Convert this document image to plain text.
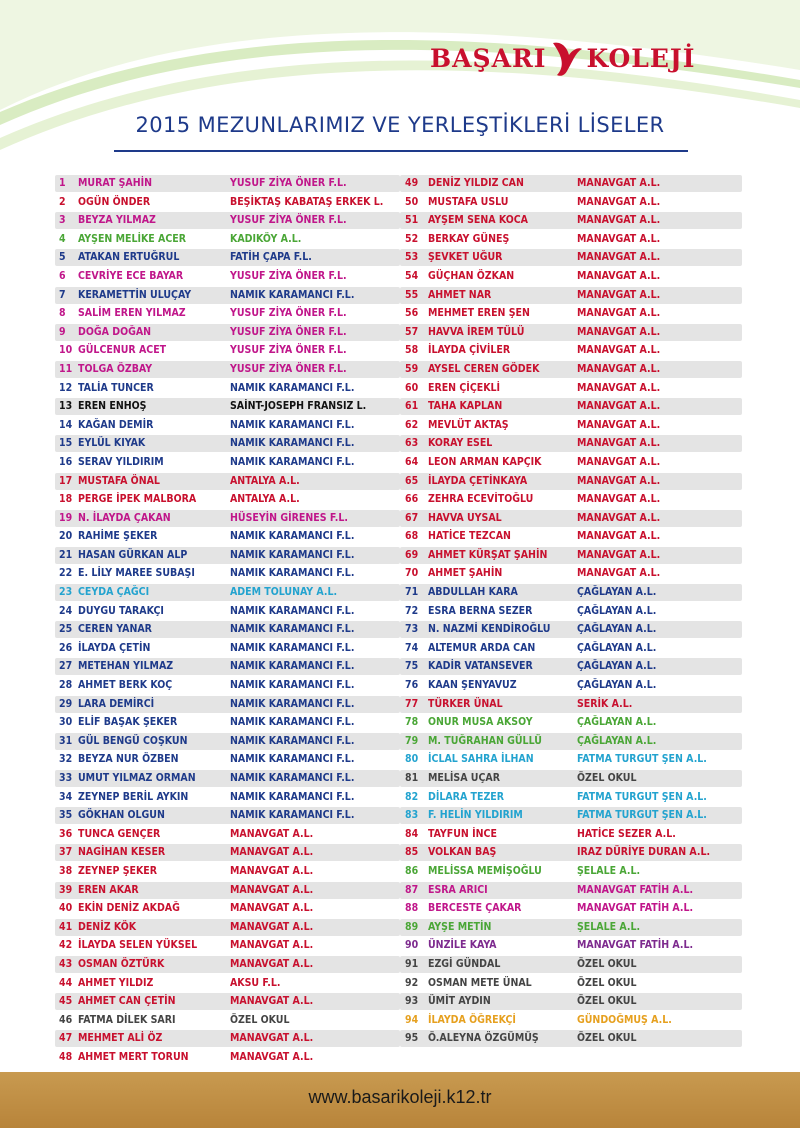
BAŞARI KOLEJİ
2015 MEZUNLARIMIZ VE YERLEŞTİKLERİ LİSELER
1 MURAT ŞAHİN	YUSUF ZİYA ÖNER F.L.
2 OGÜN ÖNDER	BEŞİKTAŞ KABATAŞ ERKEK L.
3 BEYZA YILMAZ	YUSUF ZİYA ÖNER F.L.
4 AYŞEN MELİKE ACER	KADIKÖY A.L.
5 ATAKAN ERTUĞRUL	FATİH ÇAPA F.L.
6 CEVRİYE ECE BAYAR	YUSUF ZİYA ÖNER F.L.
7 KERAMETTİN ULUÇAY	NAMIK KARAMANCI F.L.
8 SALİM EREN YILMAZ	YUSUF ZİYA ÖNER F.L.
9 DOĞA DOĞAN	YUSUF ZİYA ÖNER F.L.
10 GÜLCENUR ACET	YUSUF ZİYA ÖNER F.L.
11 TOLGA ÖZBAY	YUSUF ZİYA ÖNER F.L.
12 TALİA TUNCER	NAMIK KARAMANCI F.L.
13 EREN ENHOŞ	SAİNT-JOSEPH FRANSIZ L.
14 KAĞAN DEMİR	NAMIK KARAMANCI F.L.
15 EYLÜL KIYAK	NAMIK KARAMANCI F.L.
16 SERAV YILDIRIM	NAMIK KARAMANCI F.L.
17 MUSTAFA ÖNAL	ANTALYA A.L.
18 PERGE İPEK MALBORA	ANTALYA A.L.
19 N. İLAYDA ÇAKAN	HÜSEYİN GİRENES F.L.
20 RAHİME ŞEKER	NAMIK KARAMANCI F.L.
21 HASAN GÜRKAN ALP	NAMIK KARAMANCI F.L.
22 E. LİLY MAREE SUBAŞI	NAMIK KARAMANCI F.L.
23 CEYDA ÇAĞCI	ADEM TOLUNAY A.L.
24 DUYGU TARAKÇI	NAMIK KARAMANCI F.L.
25 CEREN YANAR	NAMIK KARAMANCI F.L.
26 İLAYDA ÇETİN	NAMIK KARAMANCI F.L.
27 METEHAN YILMAZ	NAMIK KARAMANCI F.L.
28 AHMET BERK KOÇ	NAMIK KARAMANCI F.L.
29 LARA DEMİRCİ	NAMIK KARAMANCI F.L.
30 ELİF BAŞAK ŞEKER	NAMIK KARAMANCI F.L.
31 GÜL BENGÜ COŞKUN	NAMIK KARAMANCI F.L.
32 BEYZA NUR ÖZBEN	NAMIK KARAMANCI F.L.
33 UMUT YILMAZ ORMAN	NAMIK KARAMANCI F.L.
34 ZEYNEP BERİL AYKIN	NAMIK KARAMANCI F.L.
35 GÖKHAN OLGUN	NAMIK KARAMANCI F.L.
36 TUNCA GENÇER	MANAVGAT A.L.
37 NAGİHAN KESER	MANAVGAT A.L.
38 ZEYNEP ŞEKER	MANAVGAT A.L.
39 EREN AKAR	MANAVGAT A.L.
40 EKİN DENİZ AKDAĞ	MANAVGAT A.L.
41 DENİZ KÖK	MANAVGAT A.L.
42 İLAYDA SELEN YÜKSEL	MANAVGAT A.L.
43 OSMAN ÖZTÜRK	MANAVGAT A.L.
44 AHMET YILDIZ	AKSU F.L.
45 AHMET CAN ÇETİN	MANAVGAT A.L.
46 FATMA DİLEK SARI	ÖZEL OKUL
47 MEHMET ALİ ÖZ	MANAVGAT A.L.
48 AHMET MERT TORUN	MANAVGAT A.L.
49 DENİZ YILDIZ CAN	MANAVGAT A.L.
50 MUSTAFA USLU	MANAVGAT A.L.
51 AYŞEM SENA KOCA	MANAVGAT A.L.
52 BERKAY GÜNEŞ	MANAVGAT A.L.
53 ŞEVKET UĞUR	MANAVGAT A.L.
54 GÜÇHAN ÖZKAN	MANAVGAT A.L.
55 AHMET NAR	MANAVGAT A.L.
56 MEHMET EREN ŞEN	MANAVGAT A.L.
57 HAVVA İREM TÜLÜ	MANAVGAT A.L.
58 İLAYDA ÇİVİLER	MANAVGAT A.L.
59 AYSEL CEREN GÖDEK	MANAVGAT A.L.
60 EREN ÇİÇEKLİ	MANAVGAT A.L.
61 TAHA KAPLAN	MANAVGAT A.L.
62 MEVLÜT AKTAŞ	MANAVGAT A.L.
63 KORAY ESEL	MANAVGAT A.L.
64 LEON ARMAN KAPÇIK	MANAVGAT A.L.
65 İLAYDA ÇETİNKAYA	MANAVGAT A.L.
66 ZEHRA ECEVİTOĞLU	MANAVGAT A.L.
67 HAVVA UYSAL	MANAVGAT A.L.
68 HATİCE TEZCAN	MANAVGAT A.L.
69 AHMET KÜRŞAT ŞAHİN	MANAVGAT A.L.
70 AHMET ŞAHİN	MANAVGAT A.L.
71 ABDULLAH KARA	ÇAĞLAYAN A.L.
72 ESRA BERNA SEZER	ÇAĞLAYAN A.L.
73 N. NAZMİ KENDİROĞLU	ÇAĞLAYAN A.L.
74 ALTEMUR ARDA CAN	ÇAĞLAYAN A.L.
75 KADİR VATANSEVER	ÇAĞLAYAN A.L.
76 KAAN ŞENYAVUZ	ÇAĞLAYAN A.L.
77 TÜRKER ÜNAL	SERİK A.L.
78 ONUR MUSA AKSOY	ÇAĞLAYAN A.L.
79 M. TUĞRAHAN GÜLLÜ	ÇAĞLAYAN A.L.
80 İCLAL SAHRA İLHAN	FATMA TURGUT ŞEN A.L.
81 MELİSA UÇAR	ÖZEL OKUL
82 DİLARA TEZER	FATMA TURGUT ŞEN A.L.
83 F. HELİN YILDIRIM	FATMA TURGUT ŞEN A.L.
84 TAYFUN İNCE	HATİCE SEZER A.L.
85 VOLKAN BAŞ	IRAZ DÜRİYE DURAN A.L.
86 MELİSSA MEMİŞOĞLU	ŞELALE A.L.
87 ESRA ARICI	MANAVGAT FATİH A.L.
88 BERCESTE ÇAKAR	MANAVGAT FATİH A.L.
89 AYŞE METİN	ŞELALE A.L.
90 ÜNZİLE KAYA	MANAVGAT FATİH A.L.
91 EZGİ GÜNDAL	ÖZEL OKUL
92 OSMAN METE ÜNAL	ÖZEL OKUL
93 ÜMİT AYDIN	ÖZEL OKUL
94 İLAYDA ÖĞREKÇİ	GÜNDOĞMUŞ A.L.
95 Ö.ALEYNA ÖZGÜMÜŞ	ÖZEL OKUL
www.basarikoleji.k12.tr
